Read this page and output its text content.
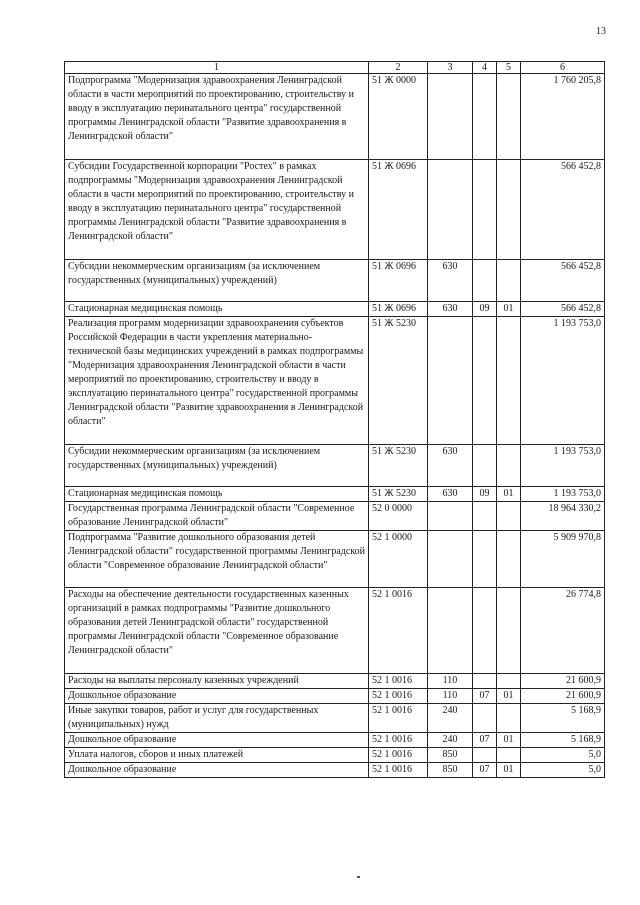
13
1	2	3	4	5	6
Подпрограмма "Модернизация здравоохранения Ленинградской области в части мероприятий по проектированию, строительству и вводу в эксплуатацию перинатального центра" государственной программы Ленинградской области "Развитие здравоохранения в Ленинградской области"	51 Ж 0000				1 760 205,8
Субсидии Государственной корпорации "Ростех" в рамках подпрограммы "Модернизация здравоохранения Ленинградской области в части мероприятий по проектированию, строительству и вводу в эксплуатацию перинатального центра" государственной программы Ленинградской области "Развитие здравоохранения в Ленинградской области"	51 Ж 0696				566 452,8
Субсидии некоммерческим организациям (за исключением государственных (муниципальных) учреждений)	51 Ж 0696	630			566 452,8
Стационарная медицинская помощь	51 Ж 0696	630	09	01	566 452,8
Реализация программ модернизации здравоохранения субъектов Российской Федерации в части укрепления материально-технической базы медицинских учреждений в рамках подпрограммы "Модернизация здравоохранения Ленинградской области в части мероприятий по проектированию, строительству и вводу в эксплуатацию перинатального центра" государственной программы Ленинградской области "Развитие здравоохранения в Ленинградской области"	51 Ж 5230				1 193 753,0
Субсидии некоммерческим организациям (за исключением государственных (муниципальных) учреждений)	51 Ж 5230	630			1 193 753,0
Стационарная медицинская помощь	51 Ж 5230	630	09	01	1 193 753,0
Государственная программа Ленинградской области "Современное образование Ленинградской области"	52 0 0000				18 964 330,2
Подпрограмма "Развитие дошкольного образования детей Ленинградской области" государственной программы Ленинградской области "Современное образование Ленинградской области"	52 1 0000				5 909 970,8
Расходы на обеспечение деятельности государственных казенных организаций в рамках подпрограммы "Развитие дошкольного образования детей Ленинградской области" государственной программы Ленинградской области "Современное образование Ленинградской области"	52 1 0016				26 774,8
Расходы на выплаты персоналу казенных учреждений	52 1 0016	110			21 600,9
Дошкольное образование	52 1 0016	110	07	01	21 600,9
Иные закупки товаров, работ и услуг для государственных (муниципальных) нужд	52 1 0016	240			5 168,9
Дошкольное образование	52 1 0016	240	07	01	5 168,9
Уплата налогов, сборов и иных платежей	52 1 0016	850			5,0
Дошкольное образование	52 1 0016	850	07	01	5,0
